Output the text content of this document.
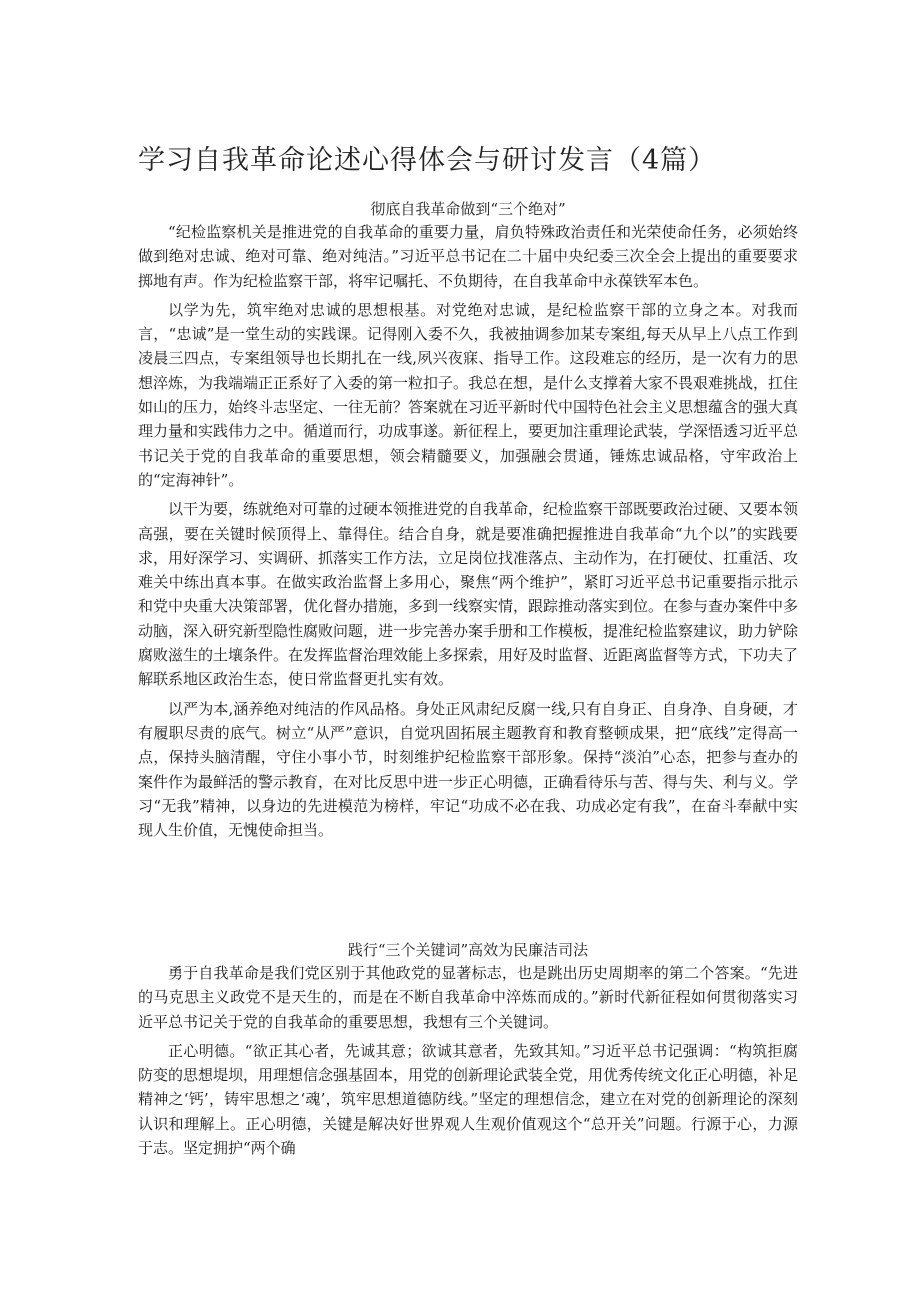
学习自我革命论述心得体会与研讨发言（4篇）
彻底自我革命做到“三个绝对”

“纪检监察机关是推进党的自我革命的重要力量，肩负特殊政治责任和光荣使命任务，必须始终做到绝对忠诚、绝对可靠、绝对纯洁。”习近平总书记在二十届中央纪委三次全会上提出的重要要求掷地有声。作为纪检监察干部，将牢记嘱托、不负期待，在自我革命中永葆铁军本色。

以学为先，筑牢绝对忠诚的思想根基。对党绝对忠诚，是纪检监察干部的立身之本。对我而言，“忠诚”是一堂生动的实践课。记得刚入委不久，我被抽调参加某专案组,每天从早上八点工作到凌晨三四点，专案组领导也长期扎在一线,夙兴夜寐、指导工作。这段难忘的经历，是一次有力的思想淬炼，为我端端正正系好了入委的第一粒扣子。我总在想，是什么支撑着大家不畏艰难挑战，扛住如山的压力，始终斗志坚定、一往无前？答案就在习近平新时代中国特色社会主义思想蕴含的强大真理力量和实践伟力之中。循道而行，功成事遂。新征程上，要更加注重理论武装，学深悟透习近平总书记关于党的自我革命的重要思想，领会精髓要义，加强融会贯通，锤炼忠诚品格，守牢政治上的“定海神针”。

以干为要，练就绝对可靠的过硬本领推进党的自我革命，纪检监察干部既要政治过硬、又要本领高强，要在关键时候顶得上、靠得住。结合自身，就是要准确把握推进自我革命“九个以”的实践要求，用好深学习、实调研、抓落实工作方法，立足岗位找准落点、主动作为，在打硬仗、扛重活、攻难关中练出真本事。在做实政治监督上多用心，聚焦“两个维护”，紧盯习近平总书记重要指示批示和党中央重大决策部署，优化督办措施，多到一线察实情，跟踪推动落实到位。在参与查办案件中多动脑，深入研究新型隐性腐败问题，进一步完善办案手册和工作模板，提准纪检监察建议，助力铲除腐败滋生的土壤条件。在发挥监督治理效能上多探索，用好及时监督、近距离监督等方式，下功夫了解联系地区政治生态，使日常监督更扎实有效。

以严为本,涵养绝对纯洁的作风品格。身处正风肃纪反腐一线,只有自身正、自身净、自身硬，才有履职尽责的底气。树立“从严”意识，自觉巩固拓展主题教育和教育整顿成果，把“底线”定得高一点，保持头脑清醒，守住小事小节，时刻维护纪检监察干部形象。保持“淡泊”心态，把参与查办的案件作为最鲜活的警示教育，在对比反思中进一步正心明德，正确看待乐与苦、得与失、利与义。学习“无我”精神，以身边的先进模范为榜样，牢记“功成不必在我、功成必定有我”，在奋斗奉献中实现人生价值，无愧使命担当。

践行“三个关键词”高效为民廉洁司法

勇于自我革命是我们党区别于其他政党的显著标志，也是跳出历史周期率的第二个答案。“先进的马克思主义政党不是天生的，而是在不断自我革命中淬炼而成的。”新时代新征程如何贯彻落实习近平总书记关于党的自我革命的重要思想，我想有三个关键词。

正心明德。“欲正其心者，先诚其意；欲诚其意者，先致其知。”习近平总书记强调：“构筑拒腐防变的思想堤坝，用理想信念强基固本，用党的创新理论武装全党，用优秀传统文化正心明德，补足精神之‘钙’，铸牢思想之‘魂’，筑牢思想道德防线。”坚定的理想信念，建立在对党的创新理论的深刻认识和理解上。正心明德，关键是解决好世界观人生观价值观这个“总开关”问题。行源于心，力源于志。坚定拥护“两个确
